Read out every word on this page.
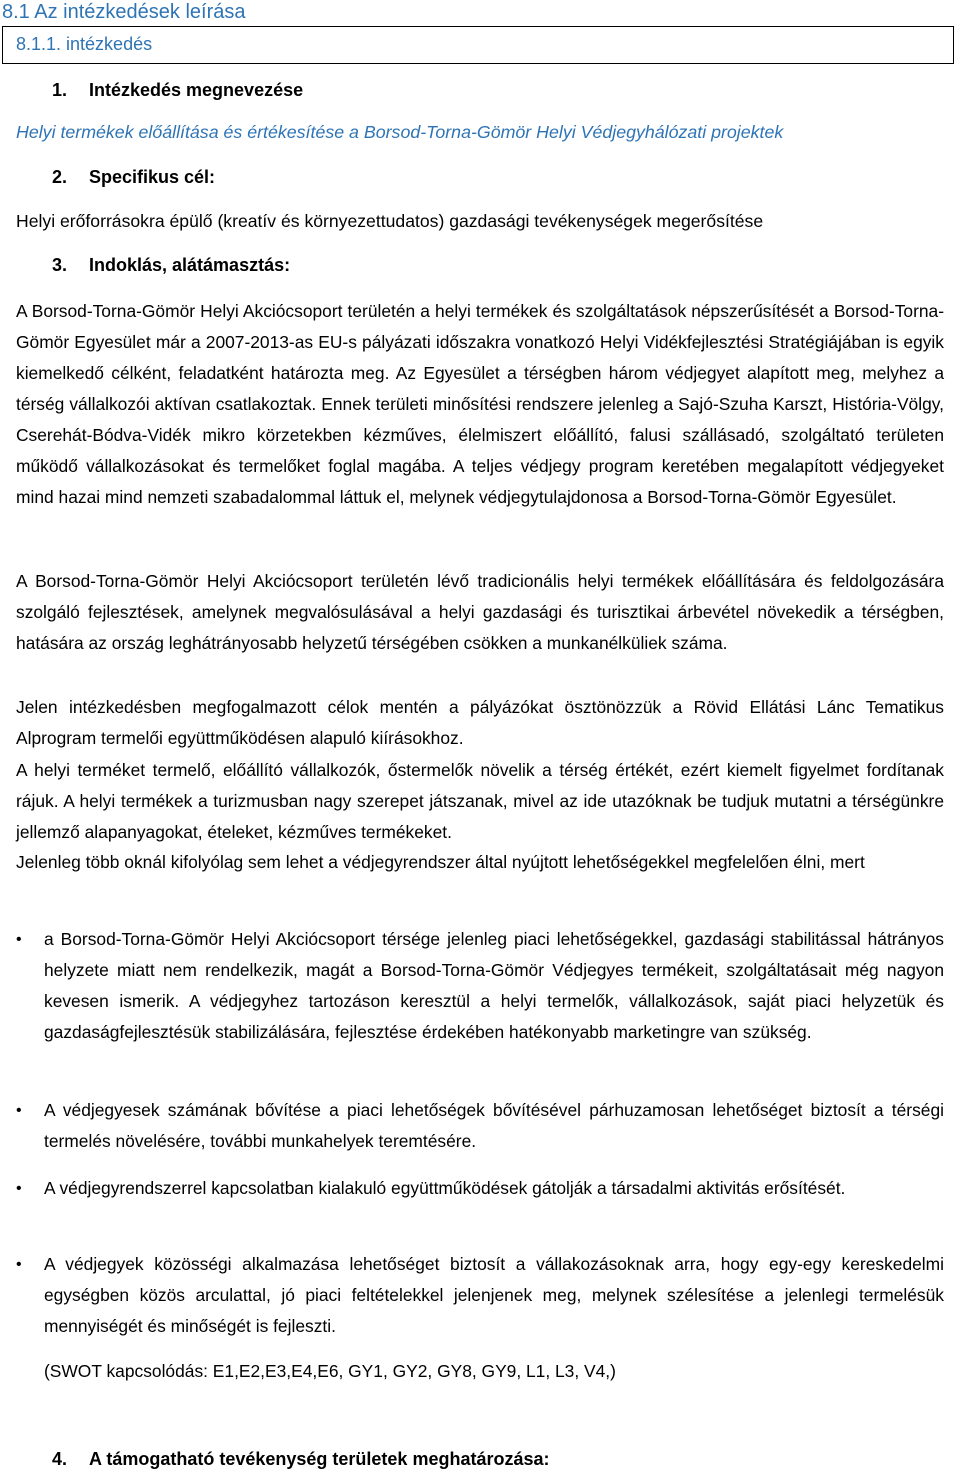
8.1 Az intézkedések leírása
8.1.1. intézkedés
1. Intézkedés megnevezése
Helyi termékek előállítása és értékesítése a Borsod-Torna-Gömör Helyi Védjegyhálózati projektek
2. Specifikus cél:
Helyi erőforrásokra épülő (kreatív és környezettudatos) gazdasági tevékenységek megerősítése
3. Indoklás, alátámasztás:

A Borsod-Torna-Gömör Helyi Akciócsoport területén a helyi termékek és szolgáltatások népszerűsítését a Borsod-Torna-Gömör Egyesület már a 2007-2013-as EU-s pályázati időszakra vonatkozó Helyi Vidékfejlesztési Stratégiájában is egyik kiemelkedő célként, feladatként határozta meg. Az Egyesület a térségben három védjegyet alapított meg, melyhez a térség vállalkozói aktívan csatlakoztak. Ennek területi minősítési rendszere jelenleg a Sajó-Szuha Karszt, História-Völgy, Cserehát-Bódva-Vidék mikro körzetekben kézműves, élelmiszert előállító, falusi szállásadó, szolgáltató területen működő vállalkozásokat és termelőket foglal magába. A teljes védjegy program keretében megalapított védjegyeket mind hazai mind nemzeti szabadalommal láttuk el, melynek védjegytulajdonosa a Borsod-Torna-Gömör Egyesület.

A Borsod-Torna-Gömör Helyi Akciócsoport területén lévő tradicionális helyi termékek előállítására és feldolgozására szolgáló fejlesztések, amelynek megvalósulásával a helyi gazdasági és turisztikai árbevétel növekedik a térségben, hatására az ország leghátrányosabb helyzetű térségében csökken a munkanélküliek száma.

Jelen intézkedésben megfogalmazott célok mentén a pályázókat ösztönözzük a Rövid Ellátási Lánc Tematikus Alprogram termelői együttműködésen alapuló kiírásokhoz.

A helyi terméket termelő, előállító vállalkozók, őstermelők növelik a térség értékét, ezért kiemelt figyelmet fordítanak rájuk. A helyi termékek a turizmusban nagy szerepet játszanak, mivel az ide utazóknak be tudjuk mutatni a térségünkre jellemző alapanyagokat, ételeket, kézműves termékeket.

Jelenleg több oknál kifolyólag sem lehet a védjegyrendszer által nyújtott lehetőségekkel megfelelően élni, mert

•	a Borsod-Torna-Gömör Helyi Akciócsoport térsége jelenleg piaci lehetőségekkel, gazdasági stabilitással hátrányos helyzete miatt nem rendelkezik, magát a Borsod-Torna-Gömör Védjegyes termékeit, szolgáltatásait még nagyon kevesen ismerik. A védjegyhez tartozáson keresztül a helyi termelők, vállalkozások, saját piaci helyzetük és gazdaságfejlesztésük stabilizálására, fejlesztése érdekében hatékonyabb marketingre van szükség.
•	A védjegyesek számának bővítése a piaci lehetőségek bővítésével párhuzamosan lehetőséget biztosít a térségi termelés növelésére, további munkahelyek teremtésére.
•	A védjegyrendszerrel kapcsolatban kialakuló együttműködések gátolják a társadalmi aktivitás erősítését.
•	A védjegyek közösségi alkalmazása lehetőséget biztosít a vállakozásoknak arra, hogy egy-egy kereskedelmi egységben közös arculattal, jó piaci feltételekkel jelenjenek meg, melynek szélesítése a jelenlegi termelésük mennyiségét és minőségét is fejleszti.
(SWOT kapcsolódás: E1,E2,E3,E4,E6, GY1, GY2, GY8, GY9, L1, L3, V4,)
4. A támogatható tevékenység területek meghatározása:
